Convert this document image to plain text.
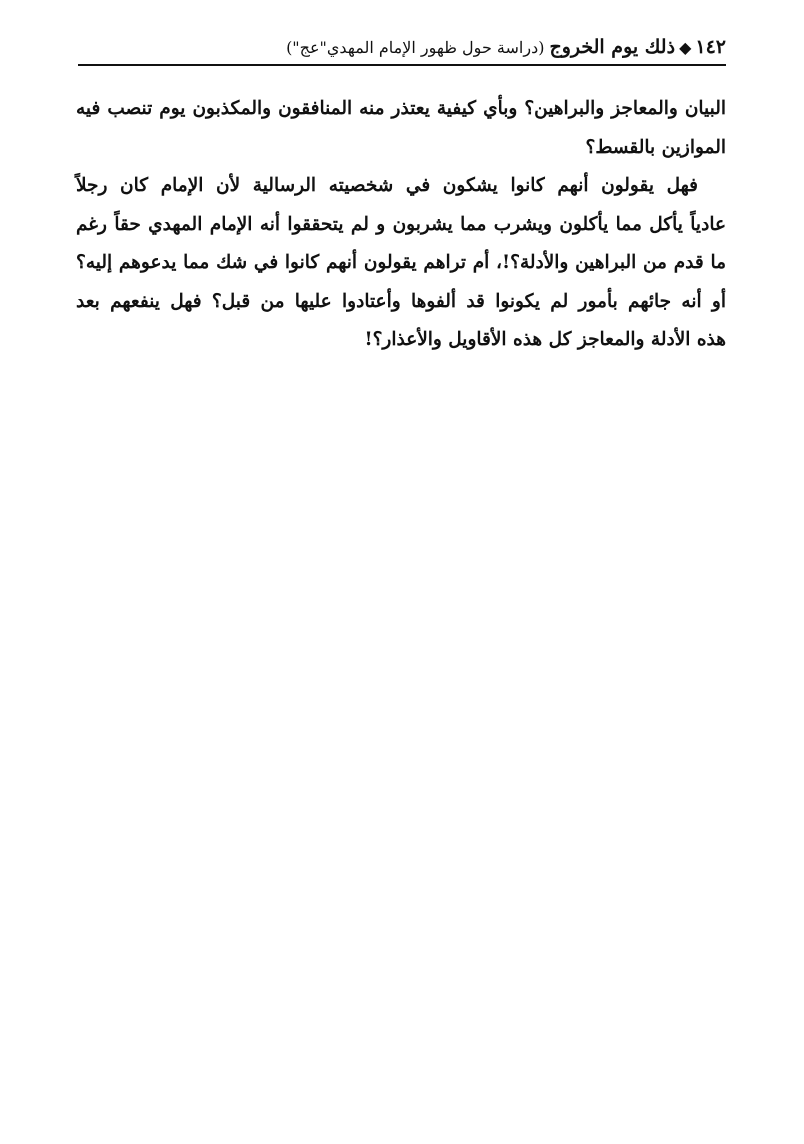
١٤٢
◆
ذلك يوم الخروج
(دراسة حول ظهور الإمام المهدي"عج")

البيان والمعاجز والبراهين؟ وبأي كيفية يعتذر منه المنافقون والمكذبون يوم تنصب فيه
الموازين بالقسط؟

فهل يقولون أنهم كانوا يشكون في شخصيته الرسالية لأن الإمام كان رجلاً
عادياً يأكل مما يأكلون ويشرب مما يشربون و لم يتحققوا أنه الإمام المهدي حقاً رغم
ما قدم من البراهين والأدلة؟!، أم تراهم يقولون أنهم كانوا في شك مما يدعوهم إليه؟
أو أنه جائهم بأمور لم يكونوا قد ألفوها وأعتادوا عليها من قبل؟ فهل ينفعهم بعد
هذه الأدلة والمعاجز كل هذه الأقاويل والأعذار؟!
